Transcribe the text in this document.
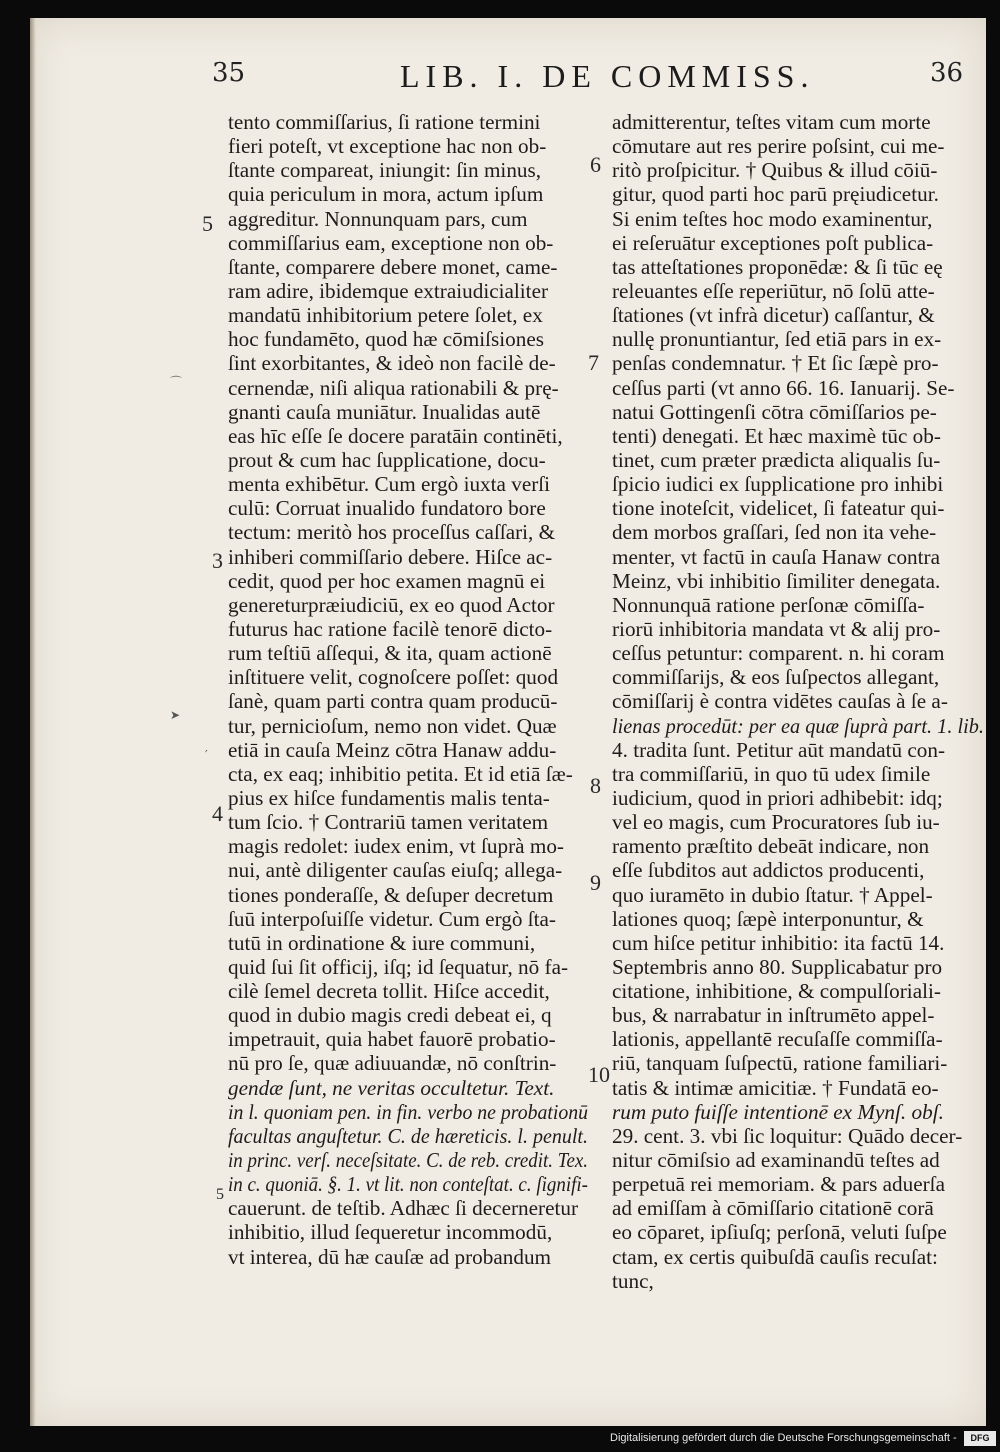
35	LIB. I. DE COMMISS.	36
tento commiſſarius, ſi ratione termini
fieri poteſt, vt exceptione hac non ob-
ſtante compareat, iniungit: ſin minus,
quia periculum in mora, actum ipſum
aggreditur. Nonnunquam pars, cum
commiſſarius eam, exceptione non ob-
ſtante, comparere debere monet, came-
ram adire, ibidemque extraiudicialiter
mandatū inhibitorium petere ſolet, ex
hoc fundamēto, quod hæ cōmiſsiones
ſint exorbitantes, & ideò non facilè de-
cernendæ, niſi aliqua rationabili & prę-
gnanti cauſa muniātur. Inualidas autē
eas hīc eſſe ſe docere paratāin continēti,
prout & cum hac ſupplicatione, docu-
menta exhibētur. Cum ergò iuxta verſi
culū: Corruat inualido fundatoro bore
tectum: meritò hos proceſſus caſſari, &
inhiberi commiſſario debere. Hiſce ac-
cedit, quod per hoc examen magnū ei
genereturpræiudiciū, ex eo quod Actor
futurus hac ratione facilè tenorē dicto-
rum teſtiū aſſequi, & ita, quam actionē
inſtituere velit, cognoſcere poſſet: quod
ſanè, quam parti contra quam producū-
tur, pernicioſum, nemo non videt. Quæ
etiā in cauſa Meinz cōtra Hanaw addu-
cta, ex eaq; inhibitio petita. Et id etiā ſæ-
pius ex hiſce fundamentis malis tenta-
tum ſcio. † Contrariū tamen veritatem
magis redolet: iudex enim, vt ſuprà mo-
nui, antè diligenter cauſas eiuſq; allega-
tiones ponderaſſe, & deſuper decretum
ſuū interpoſuiſſe videtur. Cum ergò ſta-
tutū in ordinatione & iure communi,
quid ſui ſit officij, iſq; id ſequatur, nō fa-
cilè ſemel decreta tollit. Hiſce accedit,
quod in dubio magis credi debeat ei, q
impetrauit, quia habet fauorē probatio-
nū pro ſe, quæ adiuuandæ, nō conſtrin-
gendæ ſunt, ne veritas occultetur. Text.
in l. quoniam pen. in fin. verbo ne probationū
facultas anguſtetur. C. de hæreticis. l. penult.
in princ. verſ. neceſsitate. C. de reb. credit. Tex.
in c. quoniā. §. 1. vt lit. non conteſtat. c. ſignifi-
cauerunt. de teſtib. Adhæc ſi decerneretur
inhibitio, illud ſequeretur incommodū,
vt interea, dū hæ cauſæ ad probandum
admitterentur, teſtes vitam cum morte
cōmutare aut res perire poſsint, cui me-
ritò proſpicitur. † Quibus & illud cōiū-
gitur, quod parti hoc parū pręiudicetur.
Si enim teſtes hoc modo examinentur,
ei reſeruātur exceptiones poſt publica-
tas atteſtationes proponēdæ: & ſi tūc eę
releuantes eſſe reperiūtur, nō ſolū atte-
ſtationes (vt infrà dicetur) caſſantur, &
nullę pronuntiantur, ſed etiā pars in ex-
penſas condemnatur. † Et ſic ſæpè pro-
ceſſus parti (vt anno 66. 16. Ianuarij. Se-
natui Gottingenſi cōtra cōmiſſarios pe-
tenti) denegati. Et hæc maximè tūc ob-
tinet, cum præter prædicta aliqualis ſu-
ſpicio iudici ex ſupplicatione pro inhibi
tione inoteſcit, videlicet, ſi fateatur qui-
dem morbos graſſari, ſed non ita vehe-
menter, vt factū in cauſa Hanaw contra
Meinz, vbi inhibitio ſimiliter denegata.
Nonnunquā ratione perſonæ cōmiſſa-
riorū inhibitoria mandata vt & alij pro-
ceſſus petuntur: comparent. n. hi coram
commiſſarijs, & eos ſuſpectos allegant,
cōmiſſarij è contra vidētes cauſas à ſe a-
lienas procedūt: per ea quæ ſuprà part. 1. lib.
4. tradita ſunt. Petitur aūt mandatū con-
tra commiſſariū, in quo tū udex ſimile
iudicium, quod in priori adhibebit: idq;
vel eo magis, cum Procuratores ſub iu-
ramento præſtito debeāt indicare, non
eſſe ſubditos aut addictos producenti,
quo iuramēto in dubio ſtatur. † Appel-
lationes quoq; ſæpè interponuntur, &
cum hiſce petitur inhibitio: ita factū 14.
Septembris anno 80. Supplicabatur pro
citatione, inhibitione, & compulſoriali-
bus, & narrabatur in inſtrumēto appel-
lationis, appellantē recuſaſſe commiſſa-
riū, tanquam ſuſpectū, ratione familiari-
tatis & intimæ amicitiæ. † Fundatā eo-
rum puto fuiſſe intentionē ex Mynſ. obſ.
29. cent. 3. vbi ſic loquitur: Quādo decer-
nitur cōmiſsio ad examinandū teſtes ad
perpetuā rei memoriam. & pars aduerſa
ad emiſſam à cōmiſſario citationē corā
eo cōparet, ipſiuſq; perſonā, veluti ſuſpe
ctam, ex certis quibuſdā cauſis recuſat:
tunc,
5
3
4
5
6
7
8
9
10
⌒
➤
′
Digitalisierung gefördert durch die Deutsche Forschungsgemeinschaft -	DFG
